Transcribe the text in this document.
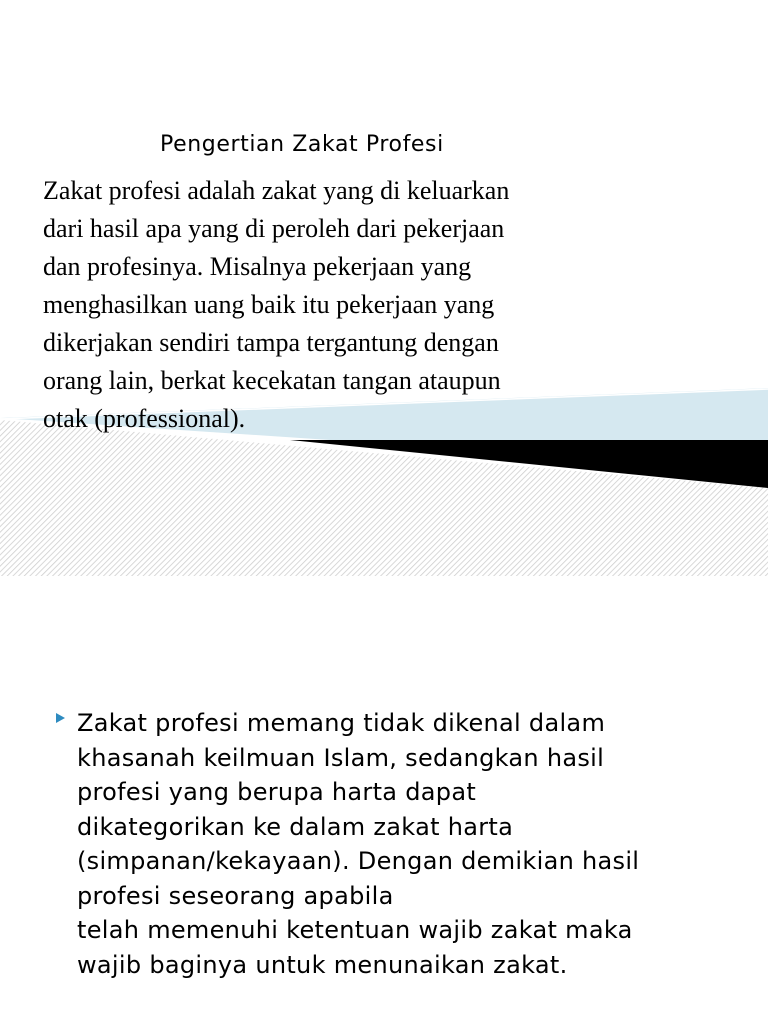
Pengertian Zakat Profesi
Zakat profesi adalah zakat yang di keluarkan
dari hasil apa yang di peroleh dari pekerjaan
dan profesinya. Misalnya pekerjaan yang
menghasilkan uang baik itu pekerjaan yang
dikerjakan sendiri tampa tergantung dengan
orang lain, berkat kecekatan tangan ataupun
otak (professional).
Zakat profesi memang tidak dikenal dalam
khasanah keilmuan Islam, sedangkan hasil
profesi yang berupa harta dapat
dikategorikan ke dalam zakat harta
(simpanan/kekayaan). Dengan demikian hasil
profesi seseorang apabila
telah memenuhi ketentuan wajib zakat maka
wajib baginya untuk menunaikan zakat.
